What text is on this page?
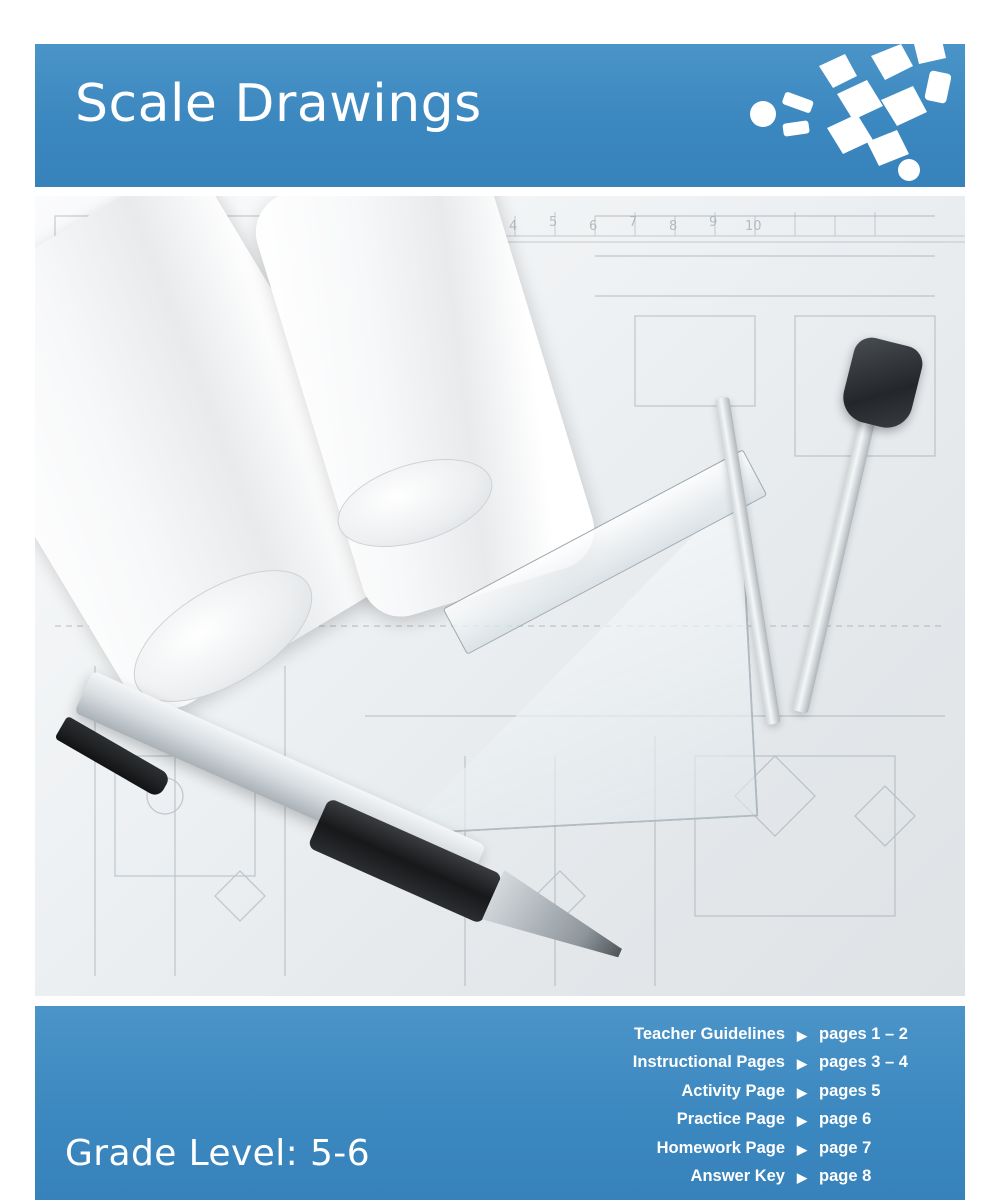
Scale Drawings
4 5 6 7 8 9 10
Grade Level: 5-6
Teacher Guidelines ▶ pages 1 – 2
Instructional Pages ▶ pages 3 – 4
Activity Page ▶ pages 5
Practice Page ▶ page 6
Homework Page ▶ page 7
Answer Key ▶ page 8
